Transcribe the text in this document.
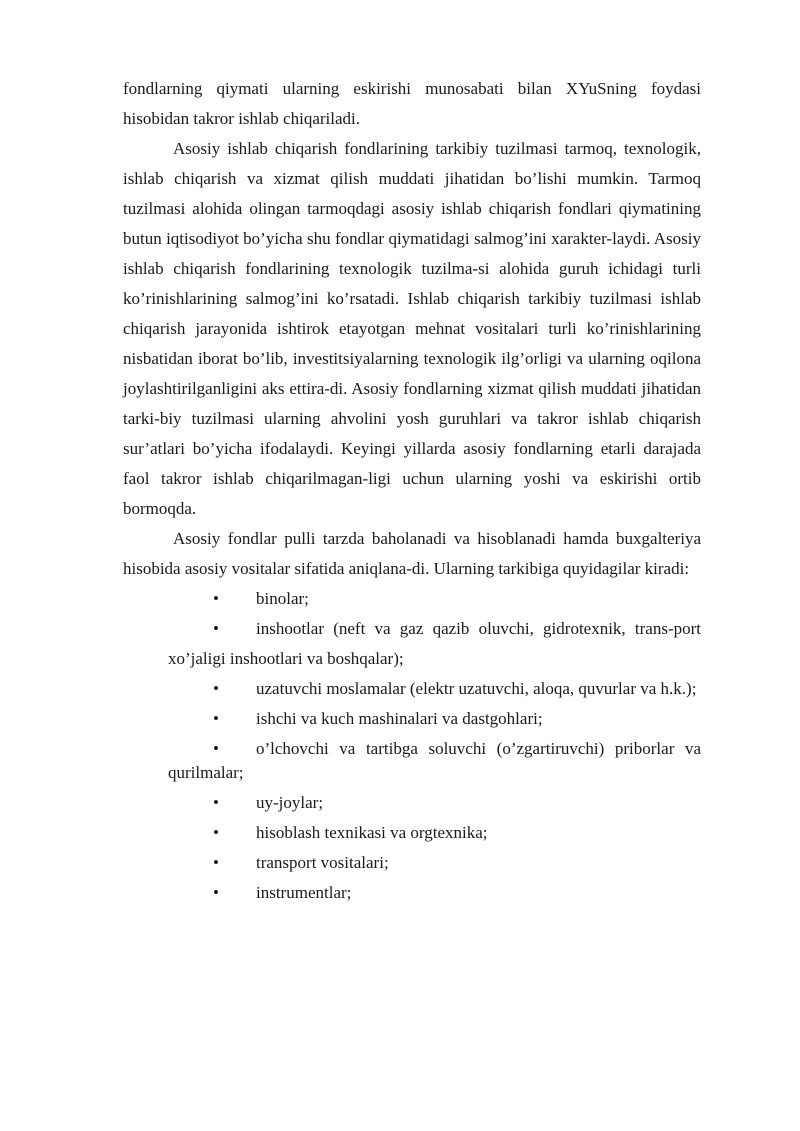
fondlarning qiymati ularning eskirishi munosabati bilan XYuSning foydasi hisobidan takror ishlab chiqariladi.

Asosiy ishlab chiqarish fondlarining tarkibiy tuzilmasi tarmoq, texnologik, ishlab chiqarish va xizmat qilish muddati jihatidan bo’lishi mumkin. Tarmoq tuzilmasi alohida olingan tarmoqdagi asosiy ishlab chiqarish fondlari qiymatining butun iqtisodiyot bo’yicha shu fondlar qiymatidagi salmog’ini xarakter-laydi. Asosiy ishlab chiqarish fondlarining texnologik tuzilma-si alohida guruh ichidagi turli ko’rinishlarining salmog’ini ko’rsatadi. Ishlab chiqarish tarkibiy tuzilmasi ishlab chiqarish jarayonida ishtirok etayotgan mehnat vositalari turli ko’rinishlarining nisbatidan iborat bo’lib, investitsiyalarning texnologik ilg’orligi va ularning oqilona joylashtirilganligini aks ettira-di. Asosiy fondlarning xizmat qilish muddati jihatidan tarki-biy tuzilmasi ularning ahvolini yosh guruhlari va takror ishlab chiqarish sur’atlari bo’yicha ifodalaydi. Keyingi yillarda asosiy fondlarning etarli darajada faol takror ishlab chiqarilmagan-ligi uchun ularning yoshi va eskirishi ortib bormoqda.

Asosiy fondlar pulli tarzda baholanadi va hisoblanadi hamda buxgalteriya hisobida asosiy vositalar sifatida aniqlana-di. Ularning tarkibiga quyidagilar kiradi:

•	binolar;
•	inshootlar (neft va gaz qazib oluvchi, gidrotexnik, trans-port xo’jaligi inshootlari va boshqalar);
•	uzatuvchi moslamalar (elektr uzatuvchi, aloqa, quvurlar va h.k.);
•	ishchi va kuch mashinalari va dastgohlari;
•	o’lchovchi va tartibga soluvchi (o’zgartiruvchi) priborlar va qurilmalar;
•	uy-joylar;
•	hisoblash texnikasi va orgtexnika;
•	transport vositalari;
•	instrumentlar;
